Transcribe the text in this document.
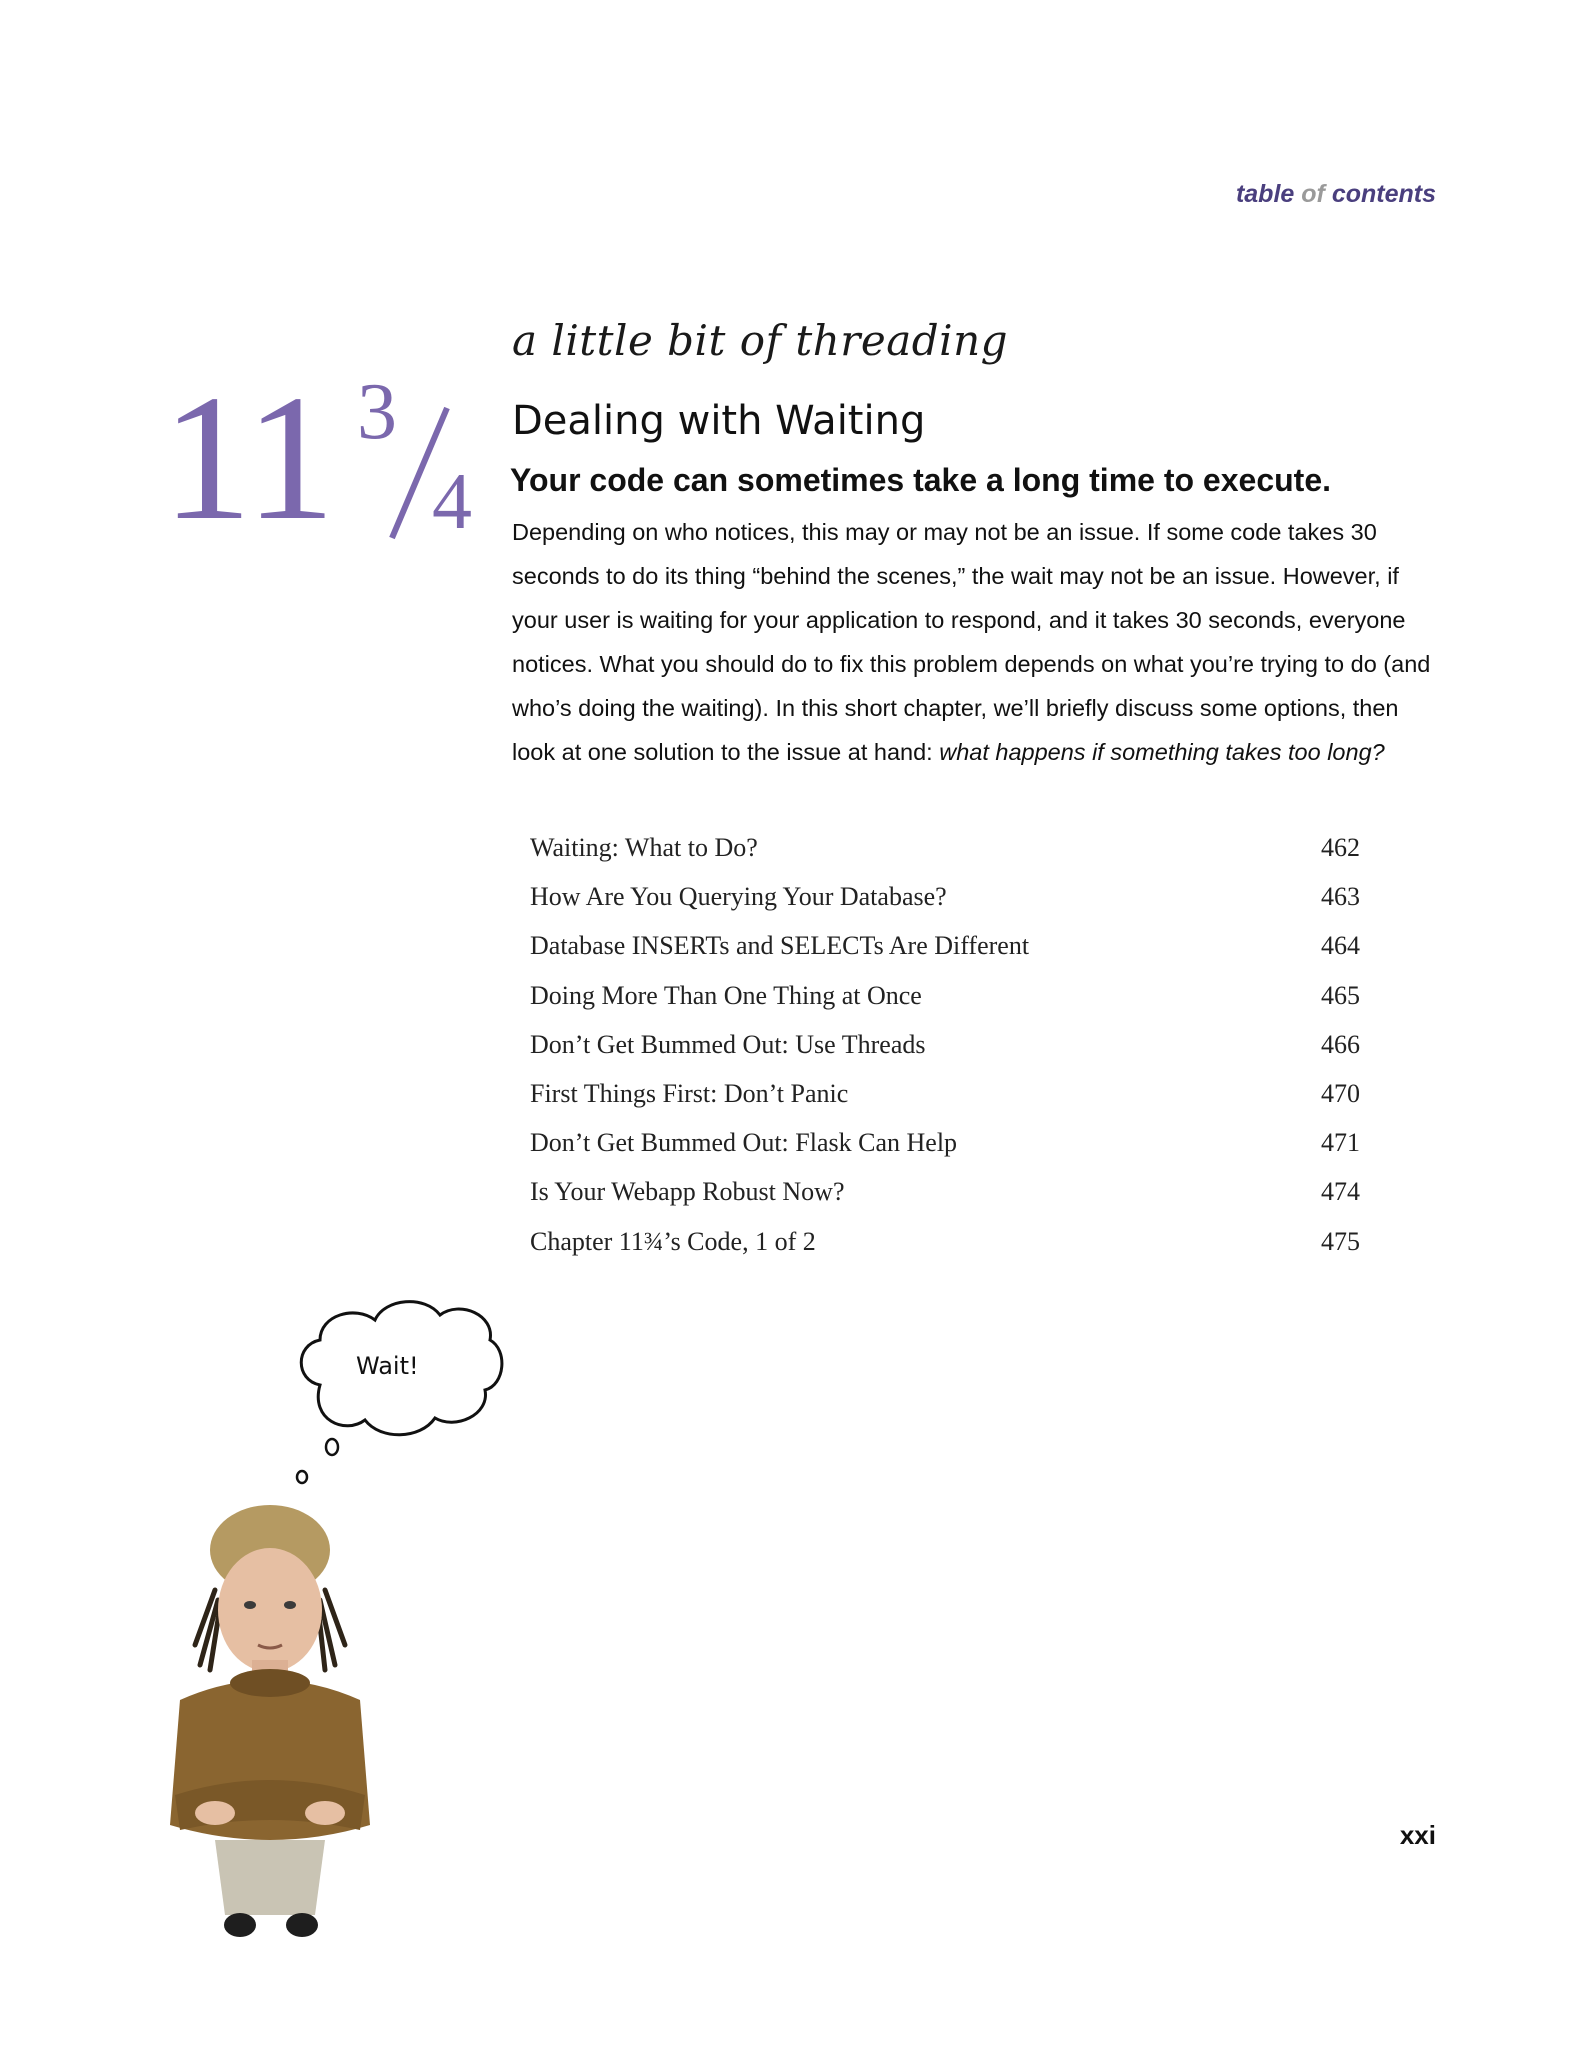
table of contents
11 3
4
a little bit of threading
Dealing with Waiting
Your code can sometimes take a long time to execute.
Depending on who notices, this may or may not be an issue. If some code takes 30 seconds to do its thing “behind the scenes,” the wait may not be an issue. However, if your user is waiting for your application to respond, and it takes 30 seconds, everyone notices. What you should do to fix this problem depends on what you’re trying to do (and who’s doing the waiting). In this short chapter, we’ll briefly discuss some options, then look at one solution to the issue at hand: what happens if something takes too long?
Waiting: What to Do?	462
How Are You Querying Your Database?	463
Database INSERTs and SELECTs Are Different	464
Doing More Than One Thing at Once	465
Don’t Get Bummed Out: Use Threads	466
First Things First: Don’t Panic	470
Don’t Get Bummed Out: Flask Can Help	471
Is Your Webapp Robust Now?	474
Chapter 11¾’s Code, 1 of 2	475
Wait!
xxi
